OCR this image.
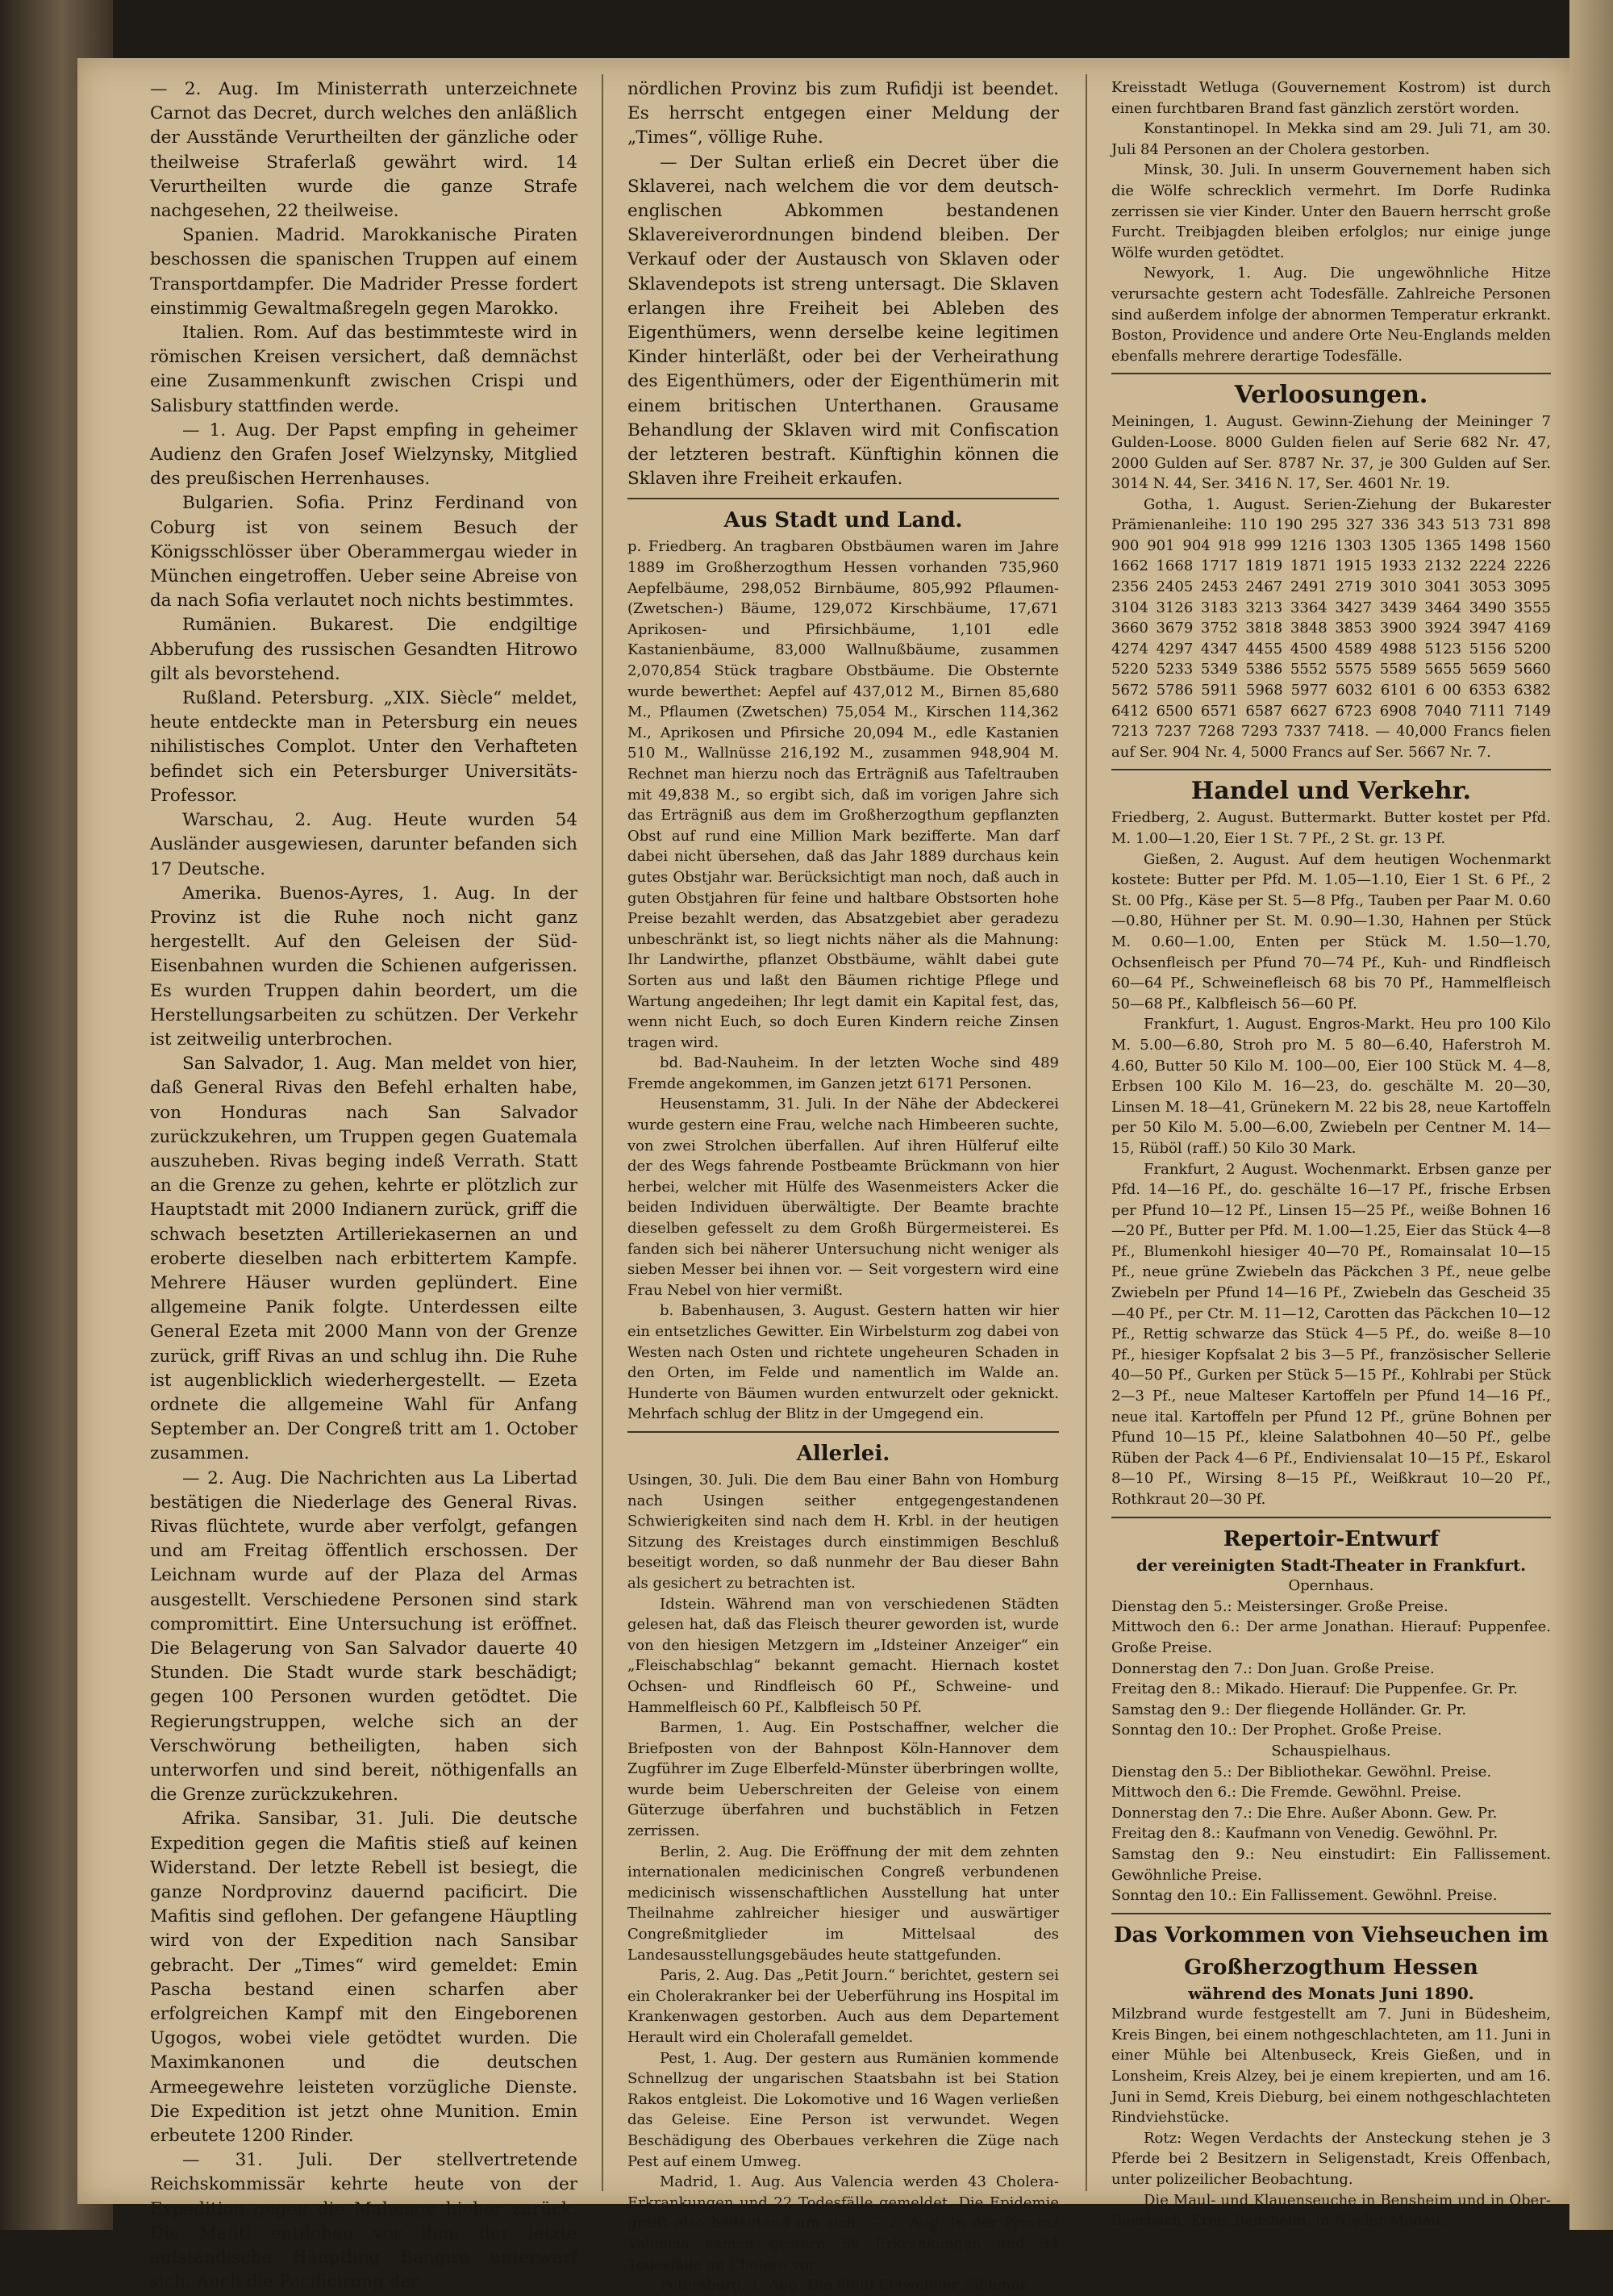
— 2. Aug. Im Ministerrath unterzeichnete Carnot das Decret, durch welches den anläßlich der Ausstände Verurtheilten der gänzliche oder theilweise Straferlaß gewährt wird. 14 Verurtheilten wurde die ganze Strafe nachgesehen, 22 theilweise.

Spanien. Madrid. Marokkanische Piraten beschossen die spanischen Truppen auf einem Transportdampfer. Die Madrider Presse fordert einstimmig Gewaltmaßregeln gegen Marokko.

Italien. Rom. Auf das bestimmteste wird in römischen Kreisen versichert, daß demnächst eine Zusammenkunft zwischen Crispi und Salisbury stattfinden werde.

— 1. Aug. Der Papst empfing in geheimer Audienz den Grafen Josef Wielzynsky, Mitglied des preußischen Herrenhauses.

Bulgarien. Sofia. Prinz Ferdinand von Coburg ist von seinem Besuch der Königsschlösser über Oberammergau wieder in München eingetroffen. Ueber seine Abreise von da nach Sofia verlautet noch nichts bestimmtes.

Rumänien. Bukarest. Die endgiltige Abberufung des russischen Gesandten Hitrowo gilt als bevorstehend.

Rußland. Petersburg. „XIX. Siècle“ meldet, heute entdeckte man in Petersburg ein neues nihilistisches Complot. Unter den Verhafteten befindet sich ein Petersburger Universitäts-Professor.

Warschau, 2. Aug. Heute wurden 54 Ausländer ausgewiesen, darunter befanden sich 17 Deutsche.

Amerika. Buenos-Ayres, 1. Aug. In der Provinz ist die Ruhe noch nicht ganz hergestellt. Auf den Geleisen der Süd-Eisenbahnen wurden die Schienen aufgerissen. Es wurden Truppen dahin beordert, um die Herstellungsarbeiten zu schützen. Der Verkehr ist zeitweilig unterbrochen.

San Salvador, 1. Aug. Man meldet von hier, daß General Rivas den Befehl erhalten habe, von Honduras nach San Salvador zurückzukehren, um Truppen gegen Guatemala auszuheben. Rivas beging indeß Verrath. Statt an die Grenze zu gehen, kehrte er plötzlich zur Hauptstadt mit 2000 Indianern zurück, griff die schwach besetzten Artilleriekasernen an und eroberte dieselben nach erbittertem Kampfe. Mehrere Häuser wurden geplündert. Eine allgemeine Panik folgte. Unterdessen eilte General Ezeta mit 2000 Mann von der Grenze zurück, griff Rivas an und schlug ihn. Die Ruhe ist augenblicklich wiederhergestellt. — Ezeta ordnete die allgemeine Wahl für Anfang September an. Der Congreß tritt am 1. October zusammen.

— 2. Aug. Die Nachrichten aus La Libertad bestätigen die Niederlage des General Rivas. Rivas flüchtete, wurde aber verfolgt, gefangen und am Freitag öffentlich erschossen. Der Leichnam wurde auf der Plaza del Armas ausgestellt. Verschiedene Personen sind stark compromittirt. Eine Untersuchung ist eröffnet. Die Belagerung von San Salvador dauerte 40 Stunden. Die Stadt wurde stark beschädigt; gegen 100 Personen wurden getödtet. Die Regierungstruppen, welche sich an der Verschwörung betheiligten, haben sich unterworfen und sind bereit, nöthigenfalls an die Grenze zurückzukehren.

Afrika. Sansibar, 31. Juli. Die deutsche Expedition gegen die Mafitis stieß auf keinen Widerstand. Der letzte Rebell ist besiegt, die ganze Nordprovinz dauernd pacificirt. Die Mafitis sind geflohen. Der gefangene Häuptling wird von der Expedition nach Sansibar gebracht. Der „Times“ wird gemeldet: Emin Pascha bestand einen scharfen aber erfolgreichen Kampf mit den Eingeborenen Ugogos, wobei viele getödtet wurden. Die Maximkanonen und die deutschen Armeegewehre leisteten vorzügliche Dienste. Die Expedition ist jetzt ohne Munition. Emin erbeutete 1200 Rinder.

— 31. Juli. Der stellvertretende Reichskommissär kehrte heute von der Expedition gegen die Mahenge hieher zurück. Die Mafiti entflohen vor ihm; der letzte aufständische Häuptling Bangire unterwarf sich. Auch die Pacificirung der

nördlichen Provinz bis zum Rufidji ist beendet. Es herrscht entgegen einer Meldung der „Times“, völlige Ruhe.

— Der Sultan erließ ein Decret über die Sklaverei, nach welchem die vor dem deutsch-englischen Abkommen bestandenen Sklavereiverordnungen bindend bleiben. Der Verkauf oder der Austausch von Sklaven oder Sklavendepots ist streng untersagt. Die Sklaven erlangen ihre Freiheit bei Ableben des Eigenthümers, wenn derselbe keine legitimen Kinder hinterläßt, oder bei der Verheirathung des Eigenthümers, oder der Eigenthümerin mit einem britischen Unterthanen. Grausame Behandlung der Sklaven wird mit Confiscation der letzteren bestraft. Künftighin können die Sklaven ihre Freiheit erkaufen.

Aus Stadt und Land.

p. Friedberg. An tragbaren Obstbäumen waren im Jahre 1889 im Großherzogthum Hessen vorhanden 735,960 Aepfelbäume, 298,052 Birnbäume, 805,992 Pflaumen- (Zwetschen-) Bäume, 129,072 Kirschbäume, 17,671 Aprikosen- und Pfirsichbäume, 1,101 edle Kastanienbäume, 83,000 Wallnußbäume, zusammen 2,070,854 Stück tragbare Obstbäume. Die Obsternte wurde bewerthet: Aepfel auf 437,012 M., Birnen 85,680 M., Pflaumen (Zwetschen) 75,054 M., Kirschen 114,362 M., Aprikosen und Pfirsiche 20,094 M., edle Kastanien 510 M., Wallnüsse 216,192 M., zusammen 948,904 M. Rechnet man hierzu noch das Erträgniß aus Tafeltrauben mit 49,838 M., so ergibt sich, daß im vorigen Jahre sich das Erträgniß aus dem im Großherzogthum gepflanzten Obst auf rund eine Million Mark bezifferte. Man darf dabei nicht übersehen, daß das Jahr 1889 durchaus kein gutes Obstjahr war. Berücksichtigt man noch, daß auch in guten Obstjahren für feine und haltbare Obstsorten hohe Preise bezahlt werden, das Absatzgebiet aber geradezu unbeschränkt ist, so liegt nichts näher als die Mahnung: Ihr Landwirthe, pflanzet Obstbäume, wählt dabei gute Sorten aus und laßt den Bäumen richtige Pflege und Wartung angedeihen; Ihr legt damit ein Kapital fest, das, wenn nicht Euch, so doch Euren Kindern reiche Zinsen tragen wird.

bd. Bad-Nauheim. In der letzten Woche sind 489 Fremde angekommen, im Ganzen jetzt 6171 Personen.

Heusenstamm, 31. Juli. In der Nähe der Abdeckerei wurde gestern eine Frau, welche nach Himbeeren suchte, von zwei Strolchen überfallen. Auf ihren Hülferuf eilte der des Wegs fahrende Postbeamte Brückmann von hier herbei, welcher mit Hülfe des Wasenmeisters Acker die beiden Individuen überwältigte. Der Beamte brachte dieselben gefesselt zu dem Großh Bürgermeisterei. Es fanden sich bei näherer Untersuchung nicht weniger als sieben Messer bei ihnen vor. — Seit vorgestern wird eine Frau Nebel von hier vermißt.

b. Babenhausen, 3. August. Gestern hatten wir hier ein entsetzliches Gewitter. Ein Wirbelsturm zog dabei von Westen nach Osten und richtete ungeheuren Schaden in den Orten, im Felde und namentlich im Walde an. Hunderte von Bäumen wurden entwurzelt oder geknickt. Mehrfach schlug der Blitz in der Umgegend ein.

Allerlei.

Usingen, 30. Juli. Die dem Bau einer Bahn von Homburg nach Usingen seither entgegengestandenen Schwierigkeiten sind nach dem H. Krbl. in der heutigen Sitzung des Kreistages durch einstimmigen Beschluß beseitigt worden, so daß nunmehr der Bau dieser Bahn als gesichert zu betrachten ist.

Idstein. Während man von verschiedenen Städten gelesen hat, daß das Fleisch theurer geworden ist, wurde von den hiesigen Metzgern im „Idsteiner Anzeiger“ ein „Fleischabschlag“ bekannt gemacht. Hiernach kostet Ochsen- und Rindfleisch 60 Pf., Schweine- und Hammelfleisch 60 Pf., Kalbfleisch 50 Pf.

Barmen, 1. Aug. Ein Postschaffner, welcher die Briefposten von der Bahnpost Köln-Hannover dem Zugführer im Zuge Elberfeld-Münster überbringen wollte, wurde beim Ueberschreiten der Geleise von einem Güterzuge überfahren und buchstäblich in Fetzen zerrissen.

Berlin, 2. Aug. Die Eröffnung der mit dem zehnten internationalen medicinischen Congreß verbundenen medicinisch wissenschaftlichen Ausstellung hat unter Theilnahme zahlreicher hiesiger und auswärtiger Congreßmitglieder im Mittelsaal des Landesausstellungsgebäudes heute stattgefunden.

Paris, 2. Aug. Das „Petit Journ.“ berichtet, gestern sei ein Cholerakranker bei der Ueberführung ins Hospital im Krankenwagen gestorben. Auch aus dem Departement Herault wird ein Cholerafall gemeldet.

Pest, 1. Aug. Der gestern aus Rumänien kommende Schnellzug der ungarischen Staatsbahn ist bei Station Rakos entgleist. Die Lokomotive und 16 Wagen verließen das Geleise. Eine Person ist verwundet. Wegen Beschädigung des Oberbaues verkehren die Züge nach Pest auf einem Umweg.

Madrid, 1. Aug. Aus Valencia werden 43 Cholera-Erkrankungen und 22 Todesfälle gemeldet. Die Epidemie greift also bedeutend um sich. — 2. Aug. In der Provinz Valencia kamen gestern 59 Erkrankungen und 34 Todesfälle an Cholera vor.

Petersburg, 1. Aug. Die 6000 Einwohner zählende

Kreisstadt Wetluga (Gouvernement Kostrom) ist durch einen furchtbaren Brand fast gänzlich zerstört worden.

Konstantinopel. In Mekka sind am 29. Juli 71, am 30. Juli 84 Personen an der Cholera gestorben.

Minsk, 30. Juli. In unserm Gouvernement haben sich die Wölfe schrecklich vermehrt. Im Dorfe Rudinka zerrissen sie vier Kinder. Unter den Bauern herrscht große Furcht. Treibjagden bleiben erfolglos; nur einige junge Wölfe wurden getödtet.

Newyork, 1. Aug. Die ungewöhnliche Hitze verursachte gestern acht Todesfälle. Zahlreiche Personen sind außerdem infolge der abnormen Temperatur erkrankt. Boston, Providence und andere Orte Neu-Englands melden ebenfalls mehrere derartige Todesfälle.

Verloosungen.

Meiningen, 1. August. Gewinn-Ziehung der Meininger 7 Gulden-Loose. 8000 Gulden fielen auf Serie 682 Nr. 47, 2000 Gulden auf Ser. 8787 Nr. 37, je 300 Gulden auf Ser. 3014 N. 44, Ser. 3416 N. 17, Ser. 4601 Nr. 19.

Gotha, 1. August. Serien-Ziehung der Bukarester Prämienanleihe: 110 190 295 327 336 343 513 731 898 900 901 904 918 999 1216 1303 1305 1365 1498 1560 1662 1668 1717 1819 1871 1915 1933 2132 2224 2226 2356 2405 2453 2467 2491 2719 3010 3041 3053 3095 3104 3126 3183 3213 3364 3427 3439 3464 3490 3555 3660 3679 3752 3818 3848 3853 3900 3924 3947 4169 4274 4297 4347 4455 4500 4589 4988 5123 5156 5200 5220 5233 5349 5386 5552 5575 5589 5655 5659 5660 5672 5786 5911 5968 5977 6032 6101 6 00 6353 6382 6412 6500 6571 6587 6627 6723 6908 7040 7111 7149 7213 7237 7268 7293 7337 7418. — 40,000 Francs fielen auf Ser. 904 Nr. 4, 5000 Francs auf Ser. 5667 Nr. 7.

Handel und Verkehr.

Friedberg, 2. August. Buttermarkt. Butter kostet per Pfd. M. 1.00—1.20, Eier 1 St. 7 Pf., 2 St. gr. 13 Pf.

Gießen, 2. August. Auf dem heutigen Wochenmarkt kostete: Butter per Pfd. M. 1.05—1.10, Eier 1 St. 6 Pf., 2 St. 00 Pfg., Käse per St. 5—8 Pfg., Tauben per Paar M. 0.60—0.80, Hühner per St. M. 0.90—1.30, Hahnen per Stück M. 0.60—1.00, Enten per Stück M. 1.50—1.70, Ochsenfleisch per Pfund 70—74 Pf., Kuh- und Rindfleisch 60—64 Pf., Schweinefleisch 68 bis 70 Pf., Hammelfleisch 50—68 Pf., Kalbfleisch 56—60 Pf.

Frankfurt, 1. August. Engros-Markt. Heu pro 100 Kilo M. 5.00—6.80, Stroh pro M. 5 80—6.40, Haferstroh M. 4.60, Butter 50 Kilo M. 100—00, Eier 100 Stück M. 4—8, Erbsen 100 Kilo M. 16—23, do. geschälte M. 20—30, Linsen M. 18—41, Grünekern M. 22 bis 28, neue Kartoffeln per 50 Kilo M. 5.00—6.00, Zwiebeln per Centner M. 14—15, Rüböl (raff.) 50 Kilo 30 Mark.

Frankfurt, 2 August. Wochenmarkt. Erbsen ganze per Pfd. 14—16 Pf., do. geschälte 16—17 Pf., frische Erbsen per Pfund 10—12 Pf., Linsen 15—25 Pf., weiße Bohnen 16—20 Pf., Butter per Pfd. M. 1.00—1.25, Eier das Stück 4—8 Pf., Blumenkohl hiesiger 40—70 Pf., Romainsalat 10—15 Pf., neue grüne Zwiebeln das Päckchen 3 Pf., neue gelbe Zwiebeln per Pfund 14—16 Pf., Zwiebeln das Gescheid 35—40 Pf., per Ctr. M. 11—12, Carotten das Päckchen 10—12 Pf., Rettig schwarze das Stück 4—5 Pf., do. weiße 8—10 Pf., hiesiger Kopfsalat 2 bis 3—5 Pf., französischer Sellerie 40—50 Pf., Gurken per Stück 5—15 Pf., Kohlrabi per Stück 2—3 Pf., neue Malteser Kartoffeln per Pfund 14—16 Pf., neue ital. Kartoffeln per Pfund 12 Pf., grüne Bohnen per Pfund 10—15 Pf., kleine Salatbohnen 40—50 Pf., gelbe Rüben der Pack 4—6 Pf., Endiviensalat 10—15 Pf., Eskarol 8—10 Pf., Wirsing 8—15 Pf., Weißkraut 10—20 Pf., Rothkraut 20—30 Pf.

Repertoir-Entwurf
der vereinigten Stadt-Theater in Frankfurt.
Opernhaus.

Dienstag den 5.: Meistersinger. Große Preise.

Mittwoch den 6.: Der arme Jonathan. Hierauf: Puppenfee. Große Preise.

Donnerstag den 7.: Don Juan. Große Preise.

Freitag den 8.: Mikado. Hierauf: Die Puppenfee. Gr. Pr.

Samstag den 9.: Der fliegende Holländer. Gr. Pr.

Sonntag den 10.: Der Prophet. Große Preise.

Schauspielhaus.

Dienstag den 5.: Der Bibliothekar. Gewöhnl. Preise.

Mittwoch den 6.: Die Fremde. Gewöhnl. Preise.

Donnerstag den 7.: Die Ehre. Außer Abonn. Gew. Pr.

Freitag den 8.: Kaufmann von Venedig. Gewöhnl. Pr.

Samstag den 9.: Neu einstudirt: Ein Fallissement. Gewöhnliche Preise.

Sonntag den 10.: Ein Fallissement. Gewöhnl. Preise.

Das Vorkommen von Viehseuchen im Großherzogthum Hessen
während des Monats Juni 1890.

Milzbrand wurde festgestellt am 7. Juni in Büdesheim, Kreis Bingen, bei einem nothgeschlachteten, am 11. Juni in einer Mühle bei Altenbuseck, Kreis Gießen, und in Lonsheim, Kreis Alzey, bei je einem krepierten, und am 16. Juni in Semd, Kreis Dieburg, bei einem nothgeschlachteten Rindviehstücke.

Rotz: Wegen Verdachts der Ansteckung stehen je 3 Pferde bei 2 Besitzern in Seligenstadt, Kreis Offenbach, unter polizeilicher Beobachtung.

Die Maul- und Klauenseuche in Bensheim und in Ober-Beerbach, Kreis Bensheim, in Nieder Modau,
